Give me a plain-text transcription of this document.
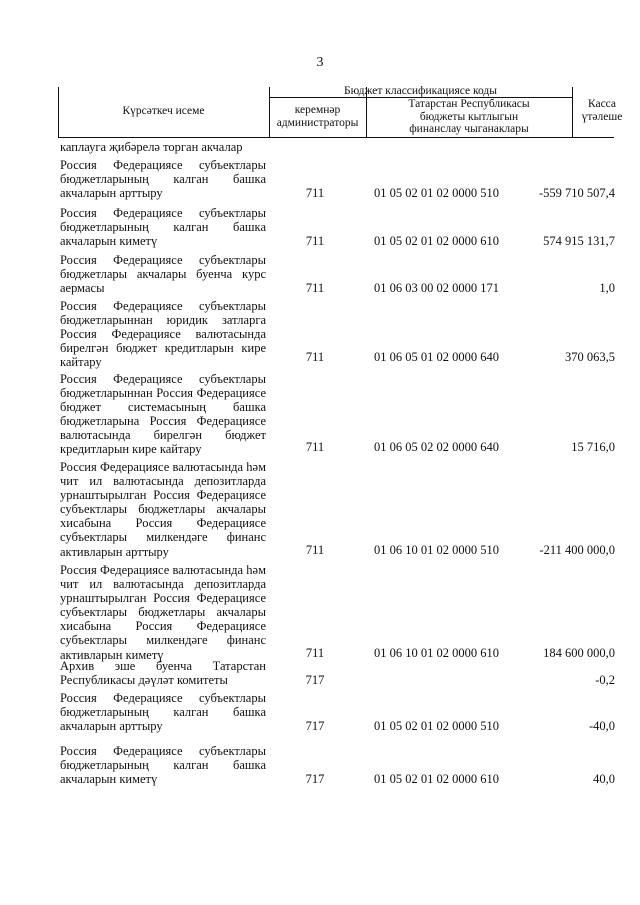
3
Күрсәткеч исеме
Бюджет классификациясе коды
керемнәр
администраторы
Татарстан Республикасы
бюджеты кытлыгын
финанслау чыганаклары
Касса
үтәлеше
каплауга җибәрелә торган акчалар
Россия Федерациясе субъектлары
бюджетларының калган башка
акчаларын арттыру	711	01 05 02 01 02 0000 510	-559 710 507,4
Россия Федерациясе субъектлары
бюджетларының калган башка
акчаларын киметү	711	01 05 02 01 02 0000 610	574 915 131,7
Россия Федерациясе субъектлары
бюджетлары акчалары буенча курс
аермасы	711	01 06 03 00 02 0000 171	1,0
Россия Федерациясе субъектлары
бюджетларыннан юридик затларга
Россия Федерациясе валютасында
бирелгән бюджет кредитларын кире
кайтару	711	01 06 05 01 02 0000 640	370 063,5
Россия Федерациясе субъектлары
бюджетларыннан Россия Федерациясе
бюджет системасының башка
бюджетларына Россия Федерациясе
валютасында бирелгән бюджет
кредитларын кире кайтару	711	01 06 05 02 02 0000 640	15 716,0
Россия Федерациясе валютасында һәм
чит ил валютасында депозитларда
урнаштырылган Россия Федерациясе
субъектлары бюджетлары акчалары
хисабына Россия Федерациясе
субъектлары милкендәге финанс
активларын арттыру	711	01 06 10 01 02 0000 510	-211 400 000,0
Россия Федерациясе валютасында һәм
чит ил валютасында депозитларда
урнаштырылган Россия Федерациясе
субъектлары бюджетлары акчалары
хисабына Россия Федерациясе
субъектлары милкендәге финанс
активларын киметү	711	01 06 10 01 02 0000 610	184 600 000,0
Архив эше буенча Татарстан
Республикасы дәүләт комитеты	717	-0,2
Россия Федерациясе субъектлары
бюджетларының калган башка
акчаларын арттыру	717	01 05 02 01 02 0000 510	-40,0
Россия Федерациясе субъектлары
бюджетларының калган башка
акчаларын киметү	717	01 05 02 01 02 0000 610	40,0
